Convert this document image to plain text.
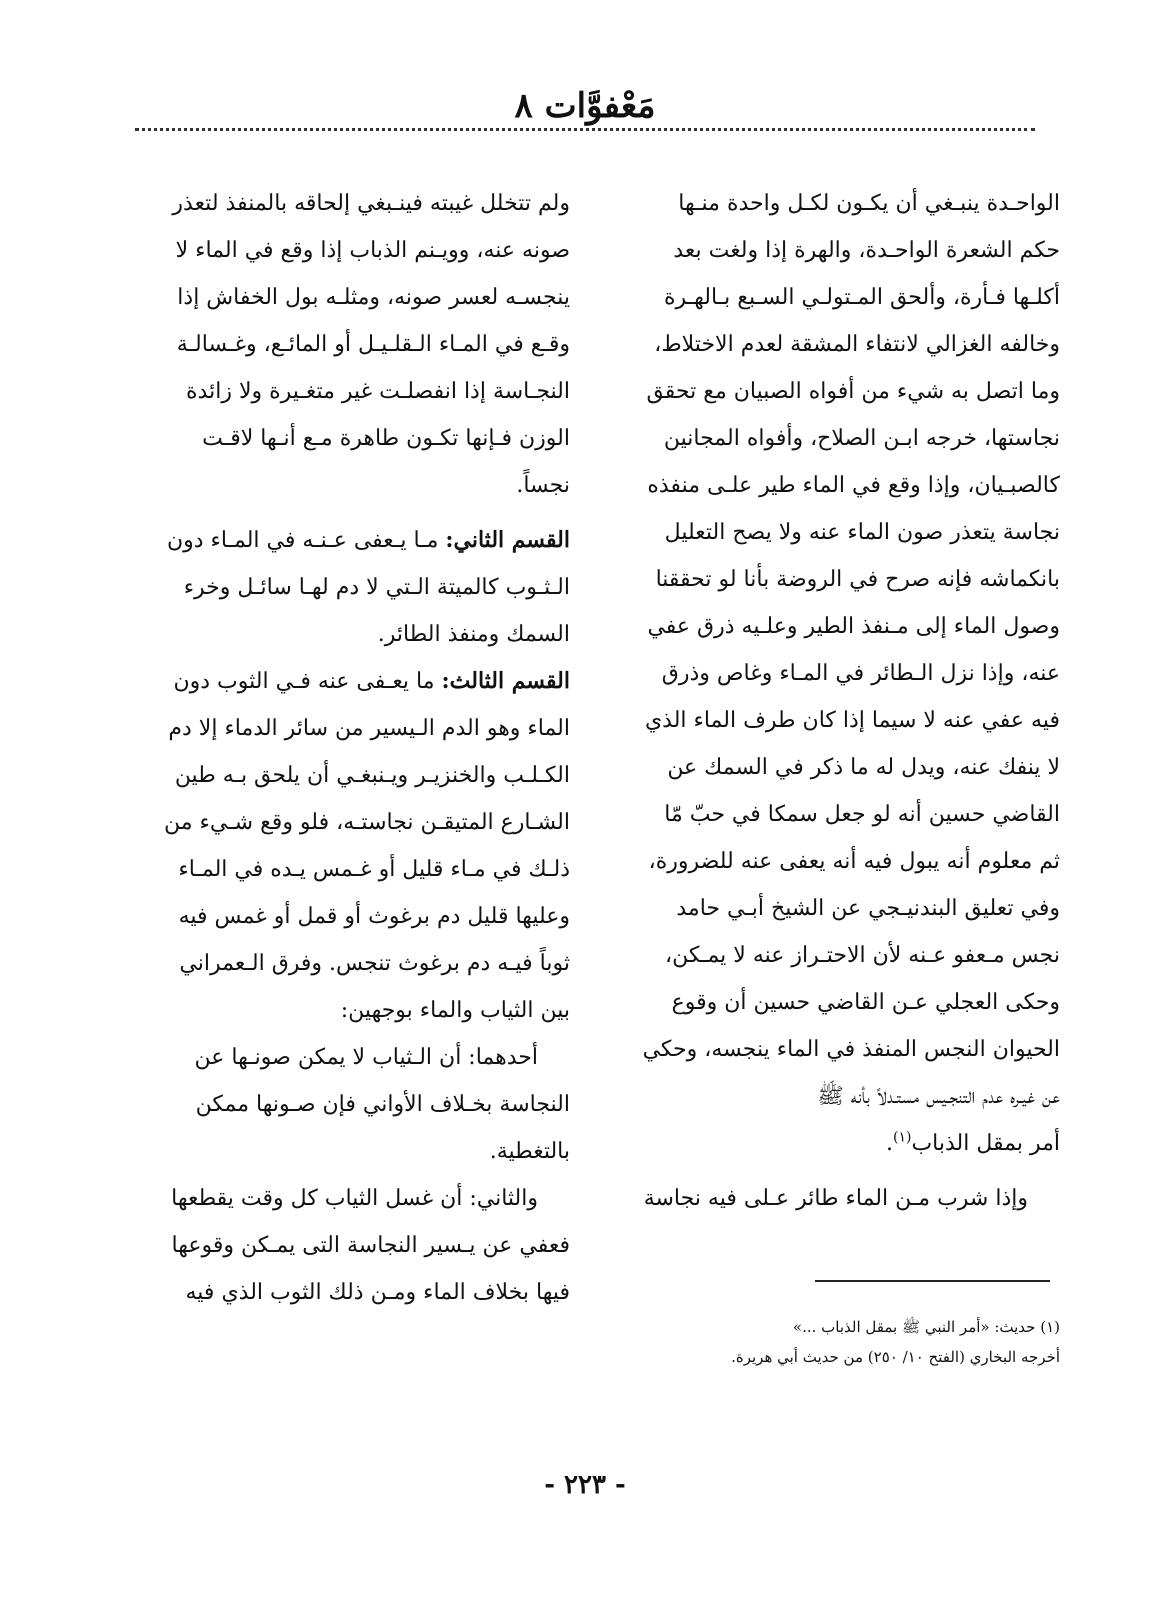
مَعْفوَّات ٨

الواحـدة ينبـغي أن يكـون لكـل واحدة منـها

حكم الشعرة الواحـدة، والهرة إذا ولغت بعد

أكلـها فـأرة، وألحق المـتولـي السـبع بـالهـرة

وخالفه الغزالي لانتفاء المشقة لعدم الاختلاط،

وما اتصل به شيء من أفواه الصبيان مع تحقق

نجاستها، خرجه ابـن الصلاح، وأفواه المجانين

كالصبـيان، وإذا وقع في الماء طير علـى منفذه

نجاسة يتعذر صون الماء عنه ولا يصح التعليل

بانكماشه فإنه صرح في الروضة بأنا لو تحققنا

وصول الماء إلى مـنفذ الطير وعلـيه ذرق عفي

عنه، وإذا نزل الـطائر في المـاء وغاص وذرق

فيه عفي عنه لا سيما إذا كان طرف الماء الذي

لا ينفك عنه، ويدل له ما ذكر في السمك عن

القاضي حسين أنه لو جعل سمكا في حبّ مّا

ثم معلوم أنه يبول فيه أنه يعفى عنه للضرورة،

وفي تعليق البندنيـجي عن الشيخ أبـي حامد

نجس مـعفو عـنه لأن الاحتـراز عنه لا يمـكن،

وحكى العجلي عـن القاضي حسين أن وقوع

الحيوان النجس المنفذ في الماء ينجسه، وحكي

عن غيـره عدم التنجـيس مستـدلاً بأنه ﷺ

أمر بمقل الذباب$^{(١)}$.

وإذا شرب مـن الماء طائر عـلى فيه نجاسة

ولم تتخلل غيبته فينـبغي إلحاقه بالمنفذ لتعذر

صونه عنه، وويـنم الذباب إذا وقع في الماء لا

ينجسـه لعسر صونه، ومثلـه بول الخفاش إذا

وقـع في المـاء الـقلـيـل أو المائـع، وغـسالـة

النجـاسة إذا انفصلـت غير متغـيرة ولا زائدة

الوزن فـإنها تكـون طاهرة مـع أنـها لاقـت

نجساً.

القسم الثاني: مـا يـعفى عـنـه في المـاء دون

الـثـوب كالميتة الـتي لا دم لهـا سائـل وخرء

السمك ومنفذ الطائر.

القسم الثالث: ما يعـفى عنه فـي الثوب دون

الماء وهو الدم الـيسير من سائر الدماء إلا دم

الكـلـب والخنزيـر ويـنبغـي أن يلحق بـه طين

الشـارع المتيقـن نجاستـه، فلو وقع شـيء من

ذلـك في مـاء قليل أو غـمس يـده في المـاء

وعليها قليل دم برغوث أو قمل أو غمس فيه

ثوباً فيـه دم برغوث تنجس. وفرق الـعمراني

بين الثياب والماء بوجهين:

أحدهما: أن الـثياب لا يمكن صونـها عن

النجاسة بخـلاف الأواني فإن صـونها ممكن

بالتغطية.

والثاني: أن غسل الثياب كل وقت يقطعها

فعفي عن يـسير النجاسة التى يمـكن وقوعها

فيها بخلاف الماء ومـن ذلك الثوب الذي فيه

(١) حديث: «أمر النبي ﷺ بمقل الذباب ...»

أخرجه البخاري (الفتح ١٠/ ٢٥٠) من حديث أبي هريرة.

- ٢٢٣ -
